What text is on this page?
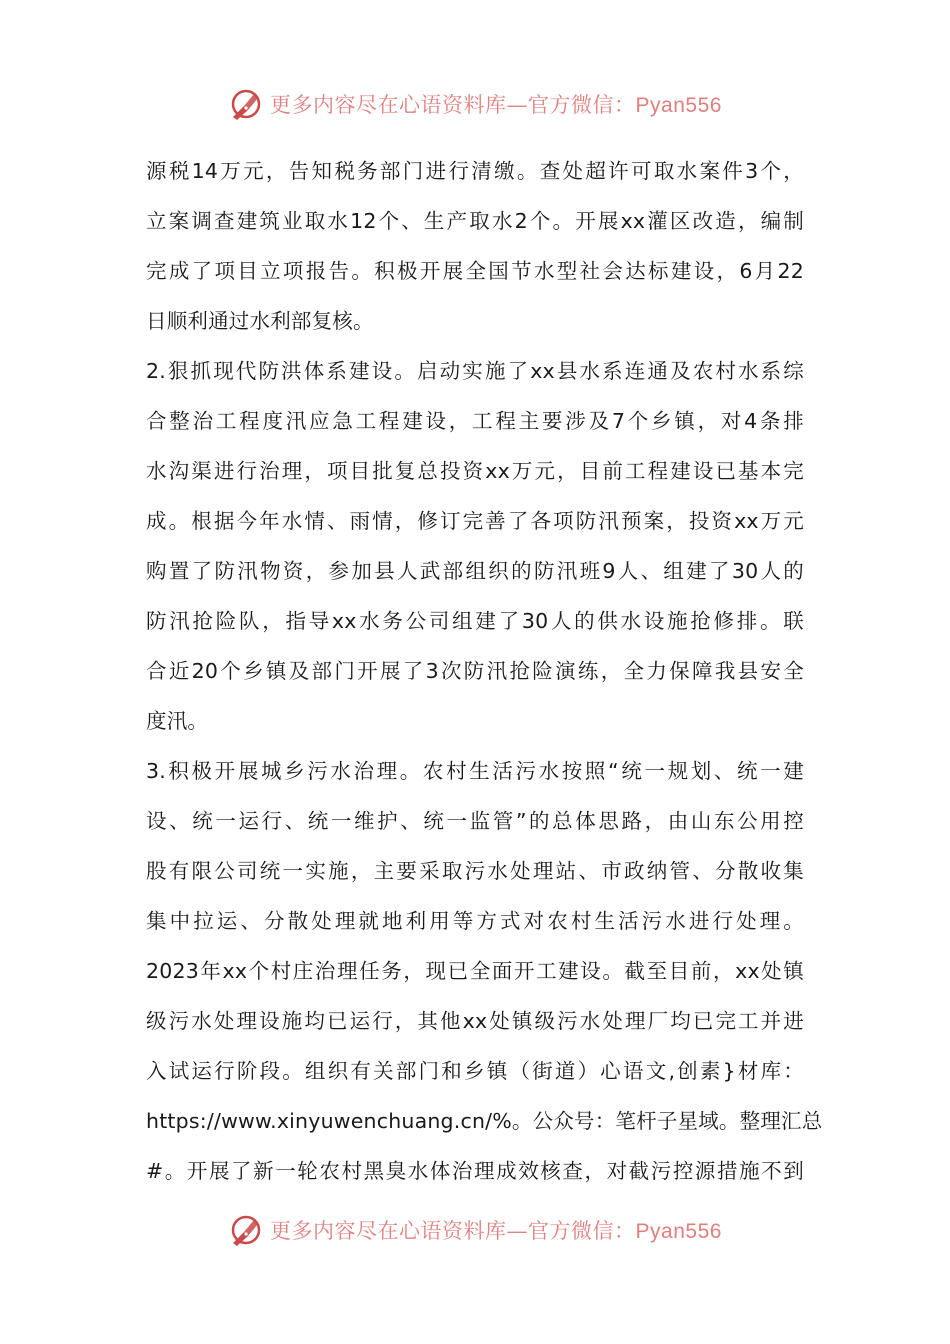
更多内容尽在心语资料库—官方微信：Pyan556
源税14万元，告知税务部门进行清缴。查处超许可取水案件3个，
立案调查建筑业取水12个、生产取水2个。开展xx灌区改造，编制
完成了项目立项报告。积极开展全国节水型社会达标建设，6月22
日顺利通过水利部复核。
2.狠抓现代防洪体系建设。启动实施了xx县水系连通及农村水系综
合整治工程度汛应急工程建设，工程主要涉及7个乡镇，对4条排
水沟渠进行治理，项目批复总投资xx万元，目前工程建设已基本完
成。根据今年水情、雨情，修订完善了各项防汛预案，投资xx万元
购置了防汛物资，参加县人武部组织的防汛班9人、组建了30人的
防汛抢险队，指导xx水务公司组建了30人的供水设施抢修排。联
合近20个乡镇及部门开展了3次防汛抢险演练，全力保障我县安全
度汛。
3.积极开展城乡污水治理。农村生活污水按照“统一规划、统一建
设、统一运行、统一维护、统一监管”的总体思路，由山东公用控
股有限公司统一实施，主要采取污水处理站、市政纳管、分散收集
集中拉运、分散处理就地利用等方式对农村生活污水进行处理。
2023年xx个村庄治理任务，现已全面开工建设。截至目前，xx处镇
级污水处理设施均已运行，其他xx处镇级污水处理厂均已完工并进
入试运行阶段。组织有关部门和乡镇（街道）心语文,创素}材库：
https://www.xinyuwenchuang.cn/%。公众号：笔杆子星域。整理汇总
#。开展了新一轮农村黑臭水体治理成效核查，对截污控源措施不到
更多内容尽在心语资料库—官方微信：Pyan556
